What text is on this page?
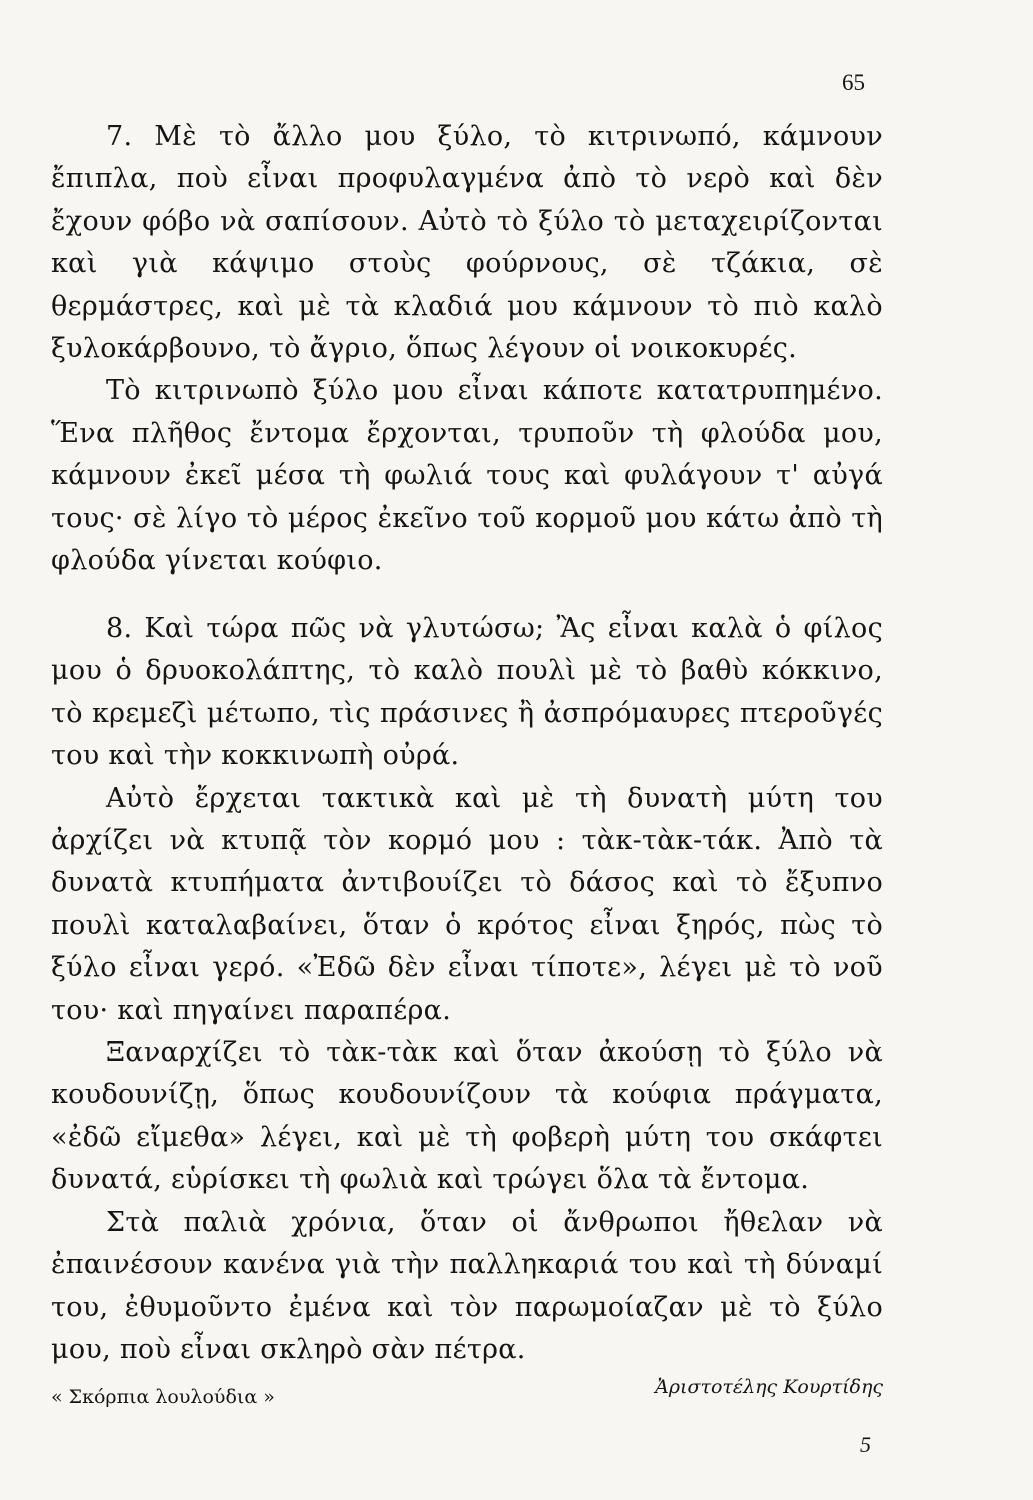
65

7. Μὲ τὸ ἄλλο μου ξύλο, τὸ κιτρινωπό, κάμνουν ἔπιπλα, ποὺ εἶναι προφυλαγμένα ἀπὸ τὸ νερὸ καὶ δὲν ἔχουν φόβο νὰ σαπίσουν. Αὐτὸ τὸ ξύλο τὸ μεταχειρίζονται καὶ γιὰ κάψιμο στοὺς φούρνους, σὲ τζάκια, σὲ θερμάστρες, καὶ μὲ τὰ κλαδιά μου κάμνουν τὸ πιὸ καλὸ ξυλοκάρβουνο, τὸ ἄγριο, ὅπως λέγουν οἱ νοικοκυρές.

Τὸ κιτρινωπὸ ξύλο μου εἶναι κάποτε κατατρυπημένο. Ἕνα πλῆθος ἔντομα ἔρχονται, τρυποῦν τὴ φλούδα μου, κάμνουν ἐκεῖ μέσα τὴ φωλιά τους καὶ φυλάγουν τ' αὐγά τους· σὲ λίγο τὸ μέρος ἐκεῖνο τοῦ κορμοῦ μου κάτω ἀπὸ τὴ φλούδα γίνεται κούφιο.

8. Καὶ τώρα πῶς νὰ γλυτώσω; Ἂς εἶναι καλὰ ὁ φίλος μου ὁ δρυοκολάπτης, τὸ καλὸ πουλὶ μὲ τὸ βαθὺ κόκκινο, τὸ κρεμεζὶ μέτωπο, τὶς πράσινες ἢ ἀσπρόμαυρες πτεροῦγές του καὶ τὴν κοκκινωπὴ οὐρά.

Αὐτὸ ἔρχεται τακτικὰ καὶ μὲ τὴ δυνατὴ μύτη του ἀρχίζει νὰ κτυπᾷ τὸν κορμό μου : τὰκ-τὰκ-τάκ. Ἀπὸ τὰ δυνατὰ κτυπήματα ἀντιβουίζει τὸ δάσος καὶ τὸ ἔξυπνο πουλὶ καταλαβαίνει, ὅταν ὁ κρότος εἶναι ξηρός, πὼς τὸ ξύλο εἶναι γερό. «Ἐδῶ δὲν εἶναι τίποτε», λέγει μὲ τὸ νοῦ του· καὶ πηγαίνει παραπέρα.

Ξαναρχίζει τὸ τὰκ-τὰκ καὶ ὅταν ἀκούσῃ τὸ ξύλο νὰ κουδουνίζῃ, ὅπως κουδουνίζουν τὰ κούφια πράγματα, «ἐδῶ εἴμεθα» λέγει, καὶ μὲ τὴ φοβερὴ μύτη του σκάφτει δυνατά, εὑρίσκει τὴ φωλιὰ καὶ τρώγει ὅλα τὰ ἔντομα.

Στὰ παλιὰ χρόνια, ὅταν οἱ ἄνθρωποι ἤθελαν νὰ ἐπαινέσουν κανένα γιὰ τὴν παλληκαριά του καὶ τὴ δύναμί του, ἐθυμοῦντο ἐμένα καὶ τὸν παρωμοίαζαν μὲ τὸ ξύλο μου, ποὺ εἶναι σκληρὸ σὰν πέτρα.

« Σκόρπια λουλούδια »	Ἀριστοτέλης Κουρτίδης
5
